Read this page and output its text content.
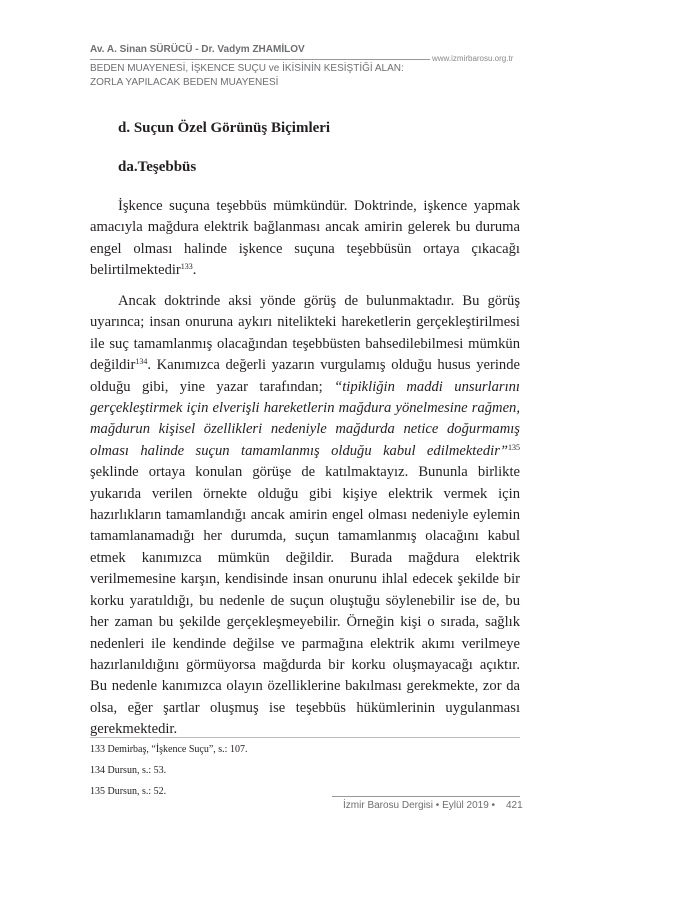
Av. A. Sinan SÜRÜCÜ - Dr. Vadym ZHAMİLOV
www.izmirbarosu.org.tr
BEDEN MUAYENESİ, İŞKENCE SUÇU ve İKİSİNİN KESİŞTİĞİ ALAN:
ZORLA YAPILACAK BEDEN MUAYENESİ
d. Suçun Özel Görünüş Biçimleri
da.Teşebbüs

İşkence suçuna teşebbüs mümkündür. Doktrinde, işkence yapmak amacıyla mağdura elektrik bağlanması ancak amirin gelerek bu duruma engel olması halinde işkence suçuna teşebbüsün ortaya çıkacağı belirtilmektedir$^{133}$.

Ancak doktrinde aksi yönde görüş de bulunmaktadır. Bu görüş uyarınca; insan onuruna aykırı nitelikteki hareketlerin gerçekleştirilmesi ile suç tamamlanmış olacağından teşebbüsten bahsedilebilmesi mümkün değildir$^{134}$. Kanımızca değerli yazarın vurgulamış olduğu husus yerinde olduğu gibi, yine yazar tarafından; “tipikliğin maddi unsurlarını gerçekleştirmek için elverişli hareketlerin mağdura yönelmesine rağmen, mağdurun kişisel özellikleri nedeniyle mağdurda netice doğurmamış olması halinde suçun tamamlanmış olduğu kabul edilmektedir”$^{135}$ şeklinde ortaya konulan görüşe de katılmaktayız. Bununla birlikte yukarıda verilen örnekte olduğu gibi kişiye elektrik vermek için hazırlıkların tamamlandığı ancak amirin engel olması nedeniyle eylemin tamamlanamadığı her durumda, suçun tamamlanmış olacağını kabul etmek kanımızca mümkün değildir. Burada mağdura elektrik verilmemesine karşın, kendisinde insan onurunu ihlal edecek şekilde bir korku yaratıldığı, bu nedenle de suçun oluştuğu söylenebilir ise de, bu her zaman bu şekilde gerçekleşmeyebilir. Örneğin kişi o sırada, sağlık nedenleri ile kendinde değilse ve parmağına elektrik akımı verilmeye hazırlanıldığını görmüyorsa mağdurda bir korku oluşmayacağı açıktır. Bu nedenle kanımızca olayın özelliklerine bakılması gerekmekte, zor da olsa, eğer şartlar oluşmuş ise teşebbüs hükümlerinin uygulanması gerekmektedir.

133 Demirbaş, “İşkence Suçu”, s.: 107.
134 Dursun, s.: 53.
135 Dursun, s.: 52.
İzmir Barosu Dergisi • Eylül 2019 • 421
